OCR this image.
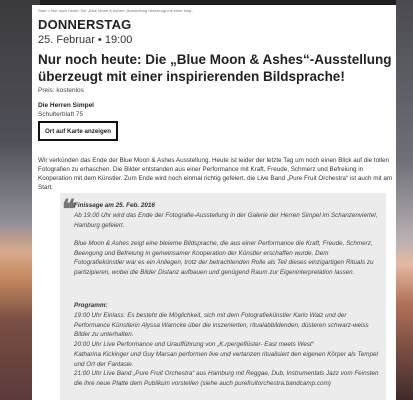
Start > Nur noch heute: Die „Blue Moon & Ashes“-Ausstellung überzeugt mit einer insp...
DONNERSTAG
25. Februar • 19:00
Nur noch heute: Die „Blue Moon & Ashes“-Ausstellung überzeugt mit einer inspirierenden Bildsprache!
Preis: kostenlos
Die Herren Simpel
Schulterblatt 75
Ort auf Karte anzeigen
Wir verkünden das Ende der Blue Moon & Ashes Ausstellung. Heute ist leider der letzte Tag um noch einen Blick auf die tollen Fotografien zu erhaschen. Die Bilder entstanden aus einer Performance mit Kraft, Freude, Schmerz und Befreiung in Kooperation mit dem Künstler. Zum Ende wird noch einmal richtig gefeiert, die Live Band „Pure Fruit Orchestra“ ist auch mit am Start.
❝
Finissage am 25. Feb. 2016
Ab 19.00 Uhr wird das Ende der Fotografie-Ausstellung in der Galerie der Herren Simpel im Schanzenviertel, Hamburg gefeiert.
Blue Moon & Ashes zeigt eine bleierne Bildsprache, die aus einer Performance die Kraft, Freude, Schmerz, Beengung und Befreiung in gemeinsamer Kooperation der Künstler erschaffen wurde. Dem Fotografiekünstler war es ein Anliegen, trotz der betrachtenden Rolle als Teil dieses einzigartigen Rituals zu partizipieren, wobei die Bilder Distanz aufbauen und genügend Raum zur Eigeninterpretation lassen.
Programm:
19:00 Uhr Einlass: Es besteht die Möglichkeit, sich mit dem Fotografiekünstler Karlo Walz und der Performance Künstlerin Alyssa Warncke über die inszenierten, ritualabbildenden, düsteren schwarz-weiss Bilder zu unterhalten.
20:00 Uhr Live Performance und Uraufführung von „K.rpergeflüster- East meets West“
Katharina Kickinger und Guy Marsan performen live und vertanzen ritualisiert den eigenen Körper als Tempel und Ort der Fantasie.
21:00 Uhr Live Band „Pure Fruit Orchestra“ aus Hamburg mit Reggae, Dub, Instrumentals Jazz vom Feinsten die ihre neue Platte dem Publikum vorstellen (siehe auch purefruitorchestra.bandcamp.com)
